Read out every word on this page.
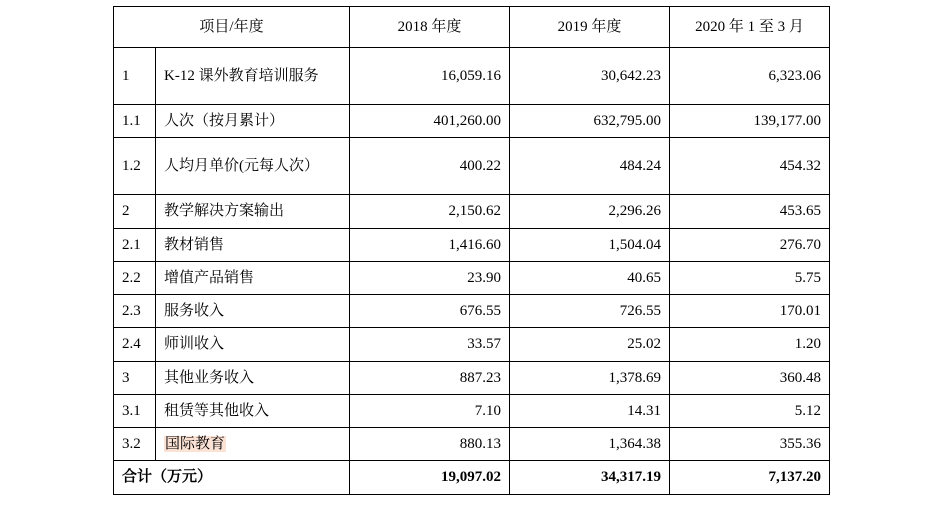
项目/年度		2018 年度	2019 年度	2020 年 1 至 3 月
1	K-12 课外教育培训服务	16,059.16	30,642.23	6,323.06
1.1	人次（按月累计）	401,260.00	632,795.00	139,177.00
1.2	人均月单价(元每人次）	400.22	484.24	454.32
2	教学解决方案输出	2,150.62	2,296.26	453.65
2.1	教材销售	1,416.60	1,504.04	276.70
2.2	增值产品销售	23.90	40.65	5.75
2.3	服务收入	676.55	726.55	170.01
2.4	师训收入	33.57	25.02	1.20
3	其他业务收入	887.23	1,378.69	360.48
3.1	租赁等其他收入	7.10	14.31	5.12
3.2	国际教育	880.13	1,364.38	355.36
合计（万元）		19,097.02	34,317.19	7,137.20
